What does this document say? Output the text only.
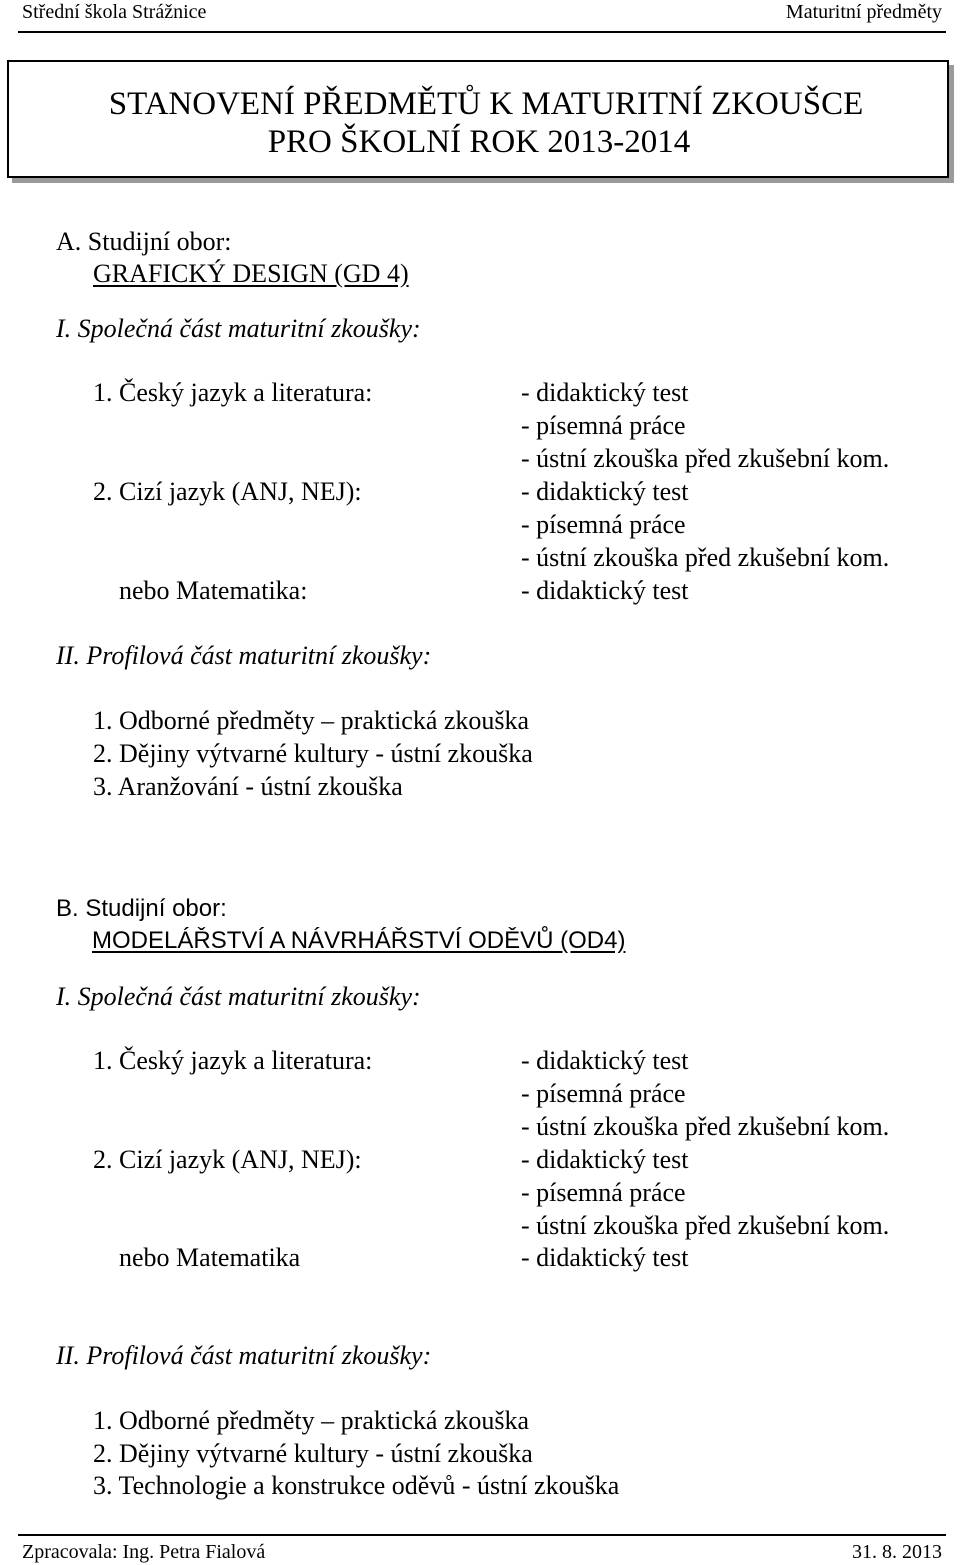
Střední škola Strážnice	Maturitní předměty
STANOVENÍ PŘEDMĚTŮ K MATURITNÍ ZKOUŠCE
PRO ŠKOLNÍ ROK 2013-2014
A. Studijní obor:
GRAFICKÝ DESIGN (GD 4)
I. Společná část maturitní zkoušky:
1. Český jazyk a literatura:	- didaktický test
- písemná práce
- ústní zkouška před zkušební kom.
2. Cizí jazyk (ANJ, NEJ):	- didaktický test
- písemná práce
- ústní zkouška před zkušební kom.
nebo Matematika:	- didaktický test
II. Profilová část maturitní zkoušky:
1. Odborné předměty – praktická zkouška
2. Dějiny výtvarné kultury - ústní zkouška
3. Aranžování - ústní zkouška
B. Studijní obor:
MODELÁŘSTVÍ A NÁVRHÁŘSTVÍ ODĚVŮ (OD4)
I. Společná část maturitní zkoušky:
1. Český jazyk a literatura:	- didaktický test
- písemná práce
- ústní zkouška před zkušební kom.
2. Cizí jazyk (ANJ, NEJ):	- didaktický test
- písemná práce
- ústní zkouška před zkušební kom.
nebo Matematika	- didaktický test
II. Profilová část maturitní zkoušky:
1. Odborné předměty – praktická zkouška
2. Dějiny výtvarné kultury - ústní zkouška
3. Technologie a konstrukce oděvů - ústní zkouška
Zpracovala: Ing. Petra Fialová	31. 8. 2013
